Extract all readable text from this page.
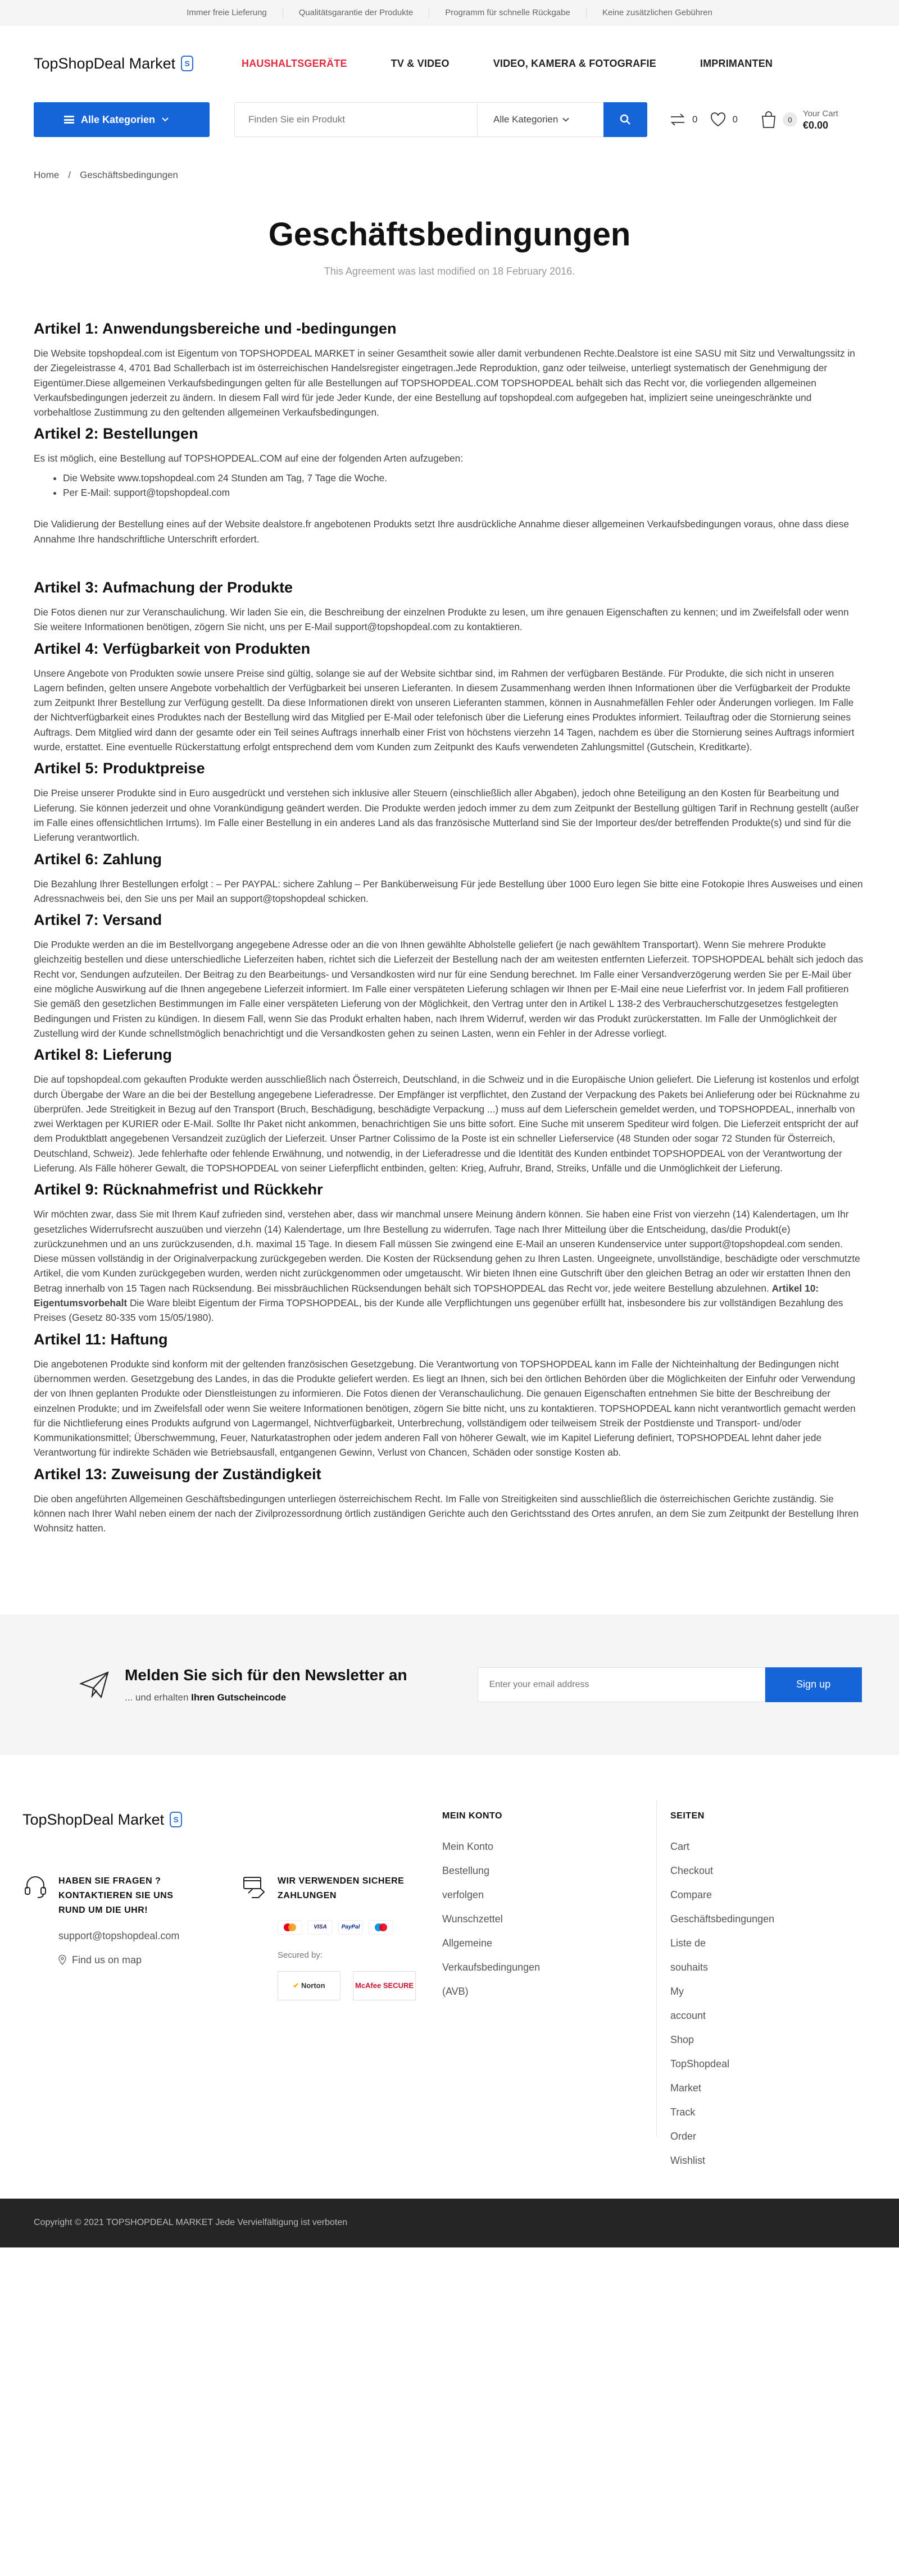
Immer freie Lieferung	Qualitätsgarantie der Produkte	Programm für schnelle Rückgabe	Keine zusätzlichen Gebühren
TopShopDeal Market	S	HAUSHALTSGERÄTE	TV & VIDEO	VIDEO, KAMERA & FOTOGRAFIE	IMPRIMANTEN
Alle Kategorien
Finden Sie ein Produkt	Alle Kategorien	0	0	0
Your Cart
€0.00
Home / Geschäftsbedingungen
Geschäftsbedingungen
This Agreement was last modified on 18 February 2016.
Artikel 1: Anwendungsbereiche und -bedingungen

Die Website topshopdeal.com ist Eigentum von TOPSHOPDEAL MARKET in seiner Gesamtheit sowie aller damit verbundenen Rechte.Dealstore ist eine SASU mit Sitz und Verwaltungssitz in der Ziegeleistrasse 4, 4701 Bad Schallerbach ist im österreichischen Handelsregister eingetragen.Jede Reproduktion, ganz oder teilweise, unterliegt systematisch der Genehmigung der Eigentümer.Diese allgemeinen Verkaufsbedingungen gelten für alle Bestellungen auf TOPSHOPDEAL.COM TOPSHOPDEAL behält sich das Recht vor, die vorliegenden allgemeinen Verkaufsbedingungen jederzeit zu ändern. In diesem Fall wird für jede Jeder Kunde, der eine Bestellung auf topshopdeal.com aufgegeben hat, impliziert seine uneingeschränkte und vorbehaltlose Zustimmung zu den geltenden allgemeinen Verkaufsbedingungen.

Artikel 2: Bestellungen

Es ist möglich, eine Bestellung auf TOPSHOPDEAL.COM auf eine der folgenden Arten aufzugeben:

• Die Website www.topshopdeal.com 24 Stunden am Tag, 7 Tage die Woche.
• Per E-Mail: support@topshopdeal.com

Die Validierung der Bestellung eines auf der Website dealstore.fr angebotenen Produkts setzt Ihre ausdrückliche Annahme dieser allgemeinen Verkaufsbedingungen voraus, ohne dass diese Annahme Ihre handschriftliche Unterschrift erfordert.

Artikel 3: Aufmachung der Produkte

Die Fotos dienen nur zur Veranschaulichung. Wir laden Sie ein, die Beschreibung der einzelnen Produkte zu lesen, um ihre genauen Eigenschaften zu kennen; und im Zweifelsfall oder wenn Sie weitere Informationen benötigen, zögern Sie nicht, uns per E-Mail support@topshopdeal.com zu kontaktieren.

Artikel 4: Verfügbarkeit von Produkten

Unsere Angebote von Produkten sowie unsere Preise sind gültig, solange sie auf der Website sichtbar sind, im Rahmen der verfügbaren Bestände. Für Produkte, die sich nicht in unseren Lagern befinden, gelten unsere Angebote vorbehaltlich der Verfügbarkeit bei unseren Lieferanten. In diesem Zusammenhang werden Ihnen Informationen über die Verfügbarkeit der Produkte zum Zeitpunkt Ihrer Bestellung zur Verfügung gestellt. Da diese Informationen direkt von unseren Lieferanten stammen, können in Ausnahmefällen Fehler oder Änderungen vorliegen. Im Falle der Nichtverfügbarkeit eines Produktes nach der Bestellung wird das Mitglied per E-Mail oder telefonisch über die Lieferung eines Produktes informiert. Teilauftrag oder die Stornierung seines Auftrags. Dem Mitglied wird dann der gesamte oder ein Teil seines Auftrags innerhalb einer Frist von höchstens vierzehn 14 Tagen, nachdem es über die Stornierung seines Auftrags informiert wurde, erstattet. Eine eventuelle Rückerstattung erfolgt entsprechend dem vom Kunden zum Zeitpunkt des Kaufs verwendeten Zahlungsmittel (Gutschein, Kreditkarte).

Artikel 5: Produktpreise

Die Preise unserer Produkte sind in Euro ausgedrückt und verstehen sich inklusive aller Steuern (einschließlich aller Abgaben), jedoch ohne Beteiligung an den Kosten für Bearbeitung und Lieferung. Sie können jederzeit und ohne Vorankündigung geändert werden. Die Produkte werden jedoch immer zu dem zum Zeitpunkt der Bestellung gültigen Tarif in Rechnung gestellt (außer im Falle eines offensichtlichen Irrtums). Im Falle einer Bestellung in ein anderes Land als das französische Mutterland sind Sie der Importeur des/der betreffenden Produkte(s) und sind für die Lieferung verantwortlich.

Artikel 6: Zahlung

Die Bezahlung Ihrer Bestellungen erfolgt : – Per PAYPAL: sichere Zahlung – Per Banküberweisung Für jede Bestellung über 1000 Euro legen Sie bitte eine Fotokopie Ihres Ausweises und einen Adressnachweis bei, den Sie uns per Mail an support@topshopdeal schicken.

Artikel 7: Versand

Die Produkte werden an die im Bestellvorgang angegebene Adresse oder an die von Ihnen gewählte Abholstelle geliefert (je nach gewähltem Transportart). Wenn Sie mehrere Produkte gleichzeitig bestellen und diese unterschiedliche Lieferzeiten haben, richtet sich die Lieferzeit der Bestellung nach der am weitesten entfernten Lieferzeit. TOPSHOPDEAL behält sich jedoch das Recht vor, Sendungen aufzuteilen. Der Beitrag zu den Bearbeitungs- und Versandkosten wird nur für eine Sendung berechnet. Im Falle einer Versandverzögerung werden Sie per E-Mail über eine mögliche Auswirkung auf die Ihnen angegebene Lieferzeit informiert. Im Falle einer verspäteten Lieferung schlagen wir Ihnen per E-Mail eine neue Lieferfrist vor. In jedem Fall profitieren Sie gemäß den gesetzlichen Bestimmungen im Falle einer verspäteten Lieferung von der Möglichkeit, den Vertrag unter den in Artikel L 138-2 des Verbraucherschutzgesetzes festgelegten Bedingungen und Fristen zu kündigen. In diesem Fall, wenn Sie das Produkt erhalten haben, nach Ihrem Widerruf, werden wir das Produkt zurückerstatten. Im Falle der Unmöglichkeit der Zustellung wird der Kunde schnellstmöglich benachrichtigt und die Versandkosten gehen zu seinen Lasten, wenn ein Fehler in der Adresse vorliegt.

Artikel 8: Lieferung

Die auf topshopdeal.com gekauften Produkte werden ausschließlich nach Österreich, Deutschland, in die Schweiz und in die Europäische Union geliefert. Die Lieferung ist kostenlos und erfolgt durch Übergabe der Ware an die bei der Bestellung angegebene Lieferadresse. Der Empfänger ist verpflichtet, den Zustand der Verpackung des Pakets bei Anlieferung oder bei Rücknahme zu überprüfen. Jede Streitigkeit in Bezug auf den Transport (Bruch, Beschädigung, beschädigte Verpackung ...) muss auf dem Lieferschein gemeldet werden, und TOPSHOPDEAL, innerhalb von zwei Werktagen per KURIER oder E-Mail. Sollte Ihr Paket nicht ankommen, benachrichtigen Sie uns bitte sofort. Eine Suche mit unserem Spediteur wird folgen. Die Lieferzeit entspricht der auf dem Produktblatt angegebenen Versandzeit zuzüglich der Lieferzeit. Unser Partner Colissimo de la Poste ist ein schneller Lieferservice (48 Stunden oder sogar 72 Stunden für Österreich, Deutschland, Schweiz). Jede fehlerhafte oder fehlende Erwähnung, und notwendig, in der Lieferadresse und die Identität des Kunden entbindet TOPSHOPDEAL von der Verantwortung der Lieferung. Als Fälle höherer Gewalt, die TOPSHOPDEAL von seiner Lieferpflicht entbinden, gelten: Krieg, Aufruhr, Brand, Streiks, Unfälle und die Unmöglichkeit der Lieferung.

Artikel 9: Rücknahmefrist und Rückkehr

Wir möchten zwar, dass Sie mit Ihrem Kauf zufrieden sind, verstehen aber, dass wir manchmal unsere Meinung ändern können. Sie haben eine Frist von vierzehn (14) Kalendertagen, um Ihr gesetzliches Widerrufsrecht auszuüben und vierzehn (14) Kalendertage, um Ihre Bestellung zu widerrufen. Tage nach Ihrer Mitteilung über die Entscheidung, das/die Produkt(e) zurückzunehmen und an uns zurückzusenden, d.h. maximal 15 Tage. In diesem Fall müssen Sie zwingend eine E-Mail an unseren Kundenservice unter support@topshopdeal.com senden. Diese müssen vollständig in der Originalverpackung zurückgegeben werden. Die Kosten der Rücksendung gehen zu Ihren Lasten. Ungeeignete, unvollständige, beschädigte oder verschmutzte Artikel, die vom Kunden zurückgegeben wurden, werden nicht zurückgenommen oder umgetauscht. Wir bieten Ihnen eine Gutschrift über den gleichen Betrag an oder wir erstatten Ihnen den Betrag innerhalb von 15 Tagen nach Rücksendung. Bei missbräuchlichen Rücksendungen behält sich TOPSHOPDEAL das Recht vor, jede weitere Bestellung abzulehnen. Artikel 10: Eigentumsvorbehalt Die Ware bleibt Eigentum der Firma TOPSHOPDEAL, bis der Kunde alle Verpflichtungen uns gegenüber erfüllt hat, insbesondere bis zur vollständigen Bezahlung des Preises (Gesetz 80-335 vom 15/05/1980).

Artikel 11: Haftung

Die angebotenen Produkte sind konform mit der geltenden französischen Gesetzgebung. Die Verantwortung von TOPSHOPDEAL kann im Falle der Nichteinhaltung der Bedingungen nicht übernommen werden. Gesetzgebung des Landes, in das die Produkte geliefert werden. Es liegt an Ihnen, sich bei den örtlichen Behörden über die Möglichkeiten der Einfuhr oder Verwendung der von Ihnen geplanten Produkte oder Dienstleistungen zu informieren. Die Fotos dienen der Veranschaulichung. Die genauen Eigenschaften entnehmen Sie bitte der Beschreibung der einzelnen Produkte; und im Zweifelsfall oder wenn Sie weitere Informationen benötigen, zögern Sie bitte nicht, uns zu kontaktieren. TOPSHOPDEAL kann nicht verantwortlich gemacht werden für die Nichtlieferung eines Produkts aufgrund von Lagermangel, Nichtverfügbarkeit, Unterbrechung, vollständigem oder teilweisem Streik der Postdienste und Transport- und/oder Kommunikationsmittel; Überschwemmung, Feuer, Naturkatastrophen oder jedem anderen Fall von höherer Gewalt, wie im Kapitel Lieferung definiert, TOPSHOPDEAL lehnt daher jede Verantwortung für indirekte Schäden wie Betriebsausfall, entgangenen Gewinn, Verlust von Chancen, Schäden oder sonstige Kosten ab.

Artikel 13: Zuweisung der Zuständigkeit

Die oben angeführten Allgemeinen Geschäftsbedingungen unterliegen österreichischem Recht. Im Falle von Streitigkeiten sind ausschließlich die österreichischen Gerichte zuständig. Sie können nach Ihrer Wahl neben einem der nach der Zivilprozessordnung örtlich zuständigen Gerichte auch den Gerichtsstand des Ortes anrufen, an dem Sie zum Zeitpunkt der Bestellung Ihren Wohnsitz hatten.

Melden Sie sich für den Newsletter an

... und erhalten Ihren Gutscheincode

Enter your email address
Sign up
TopShopDeal Market	S
HABEN SIE FRAGEN ?
KONTAKTIEREN SIE UNS
RUND UM DIE UHR!
support@topshopdeal.com
Find us on map
WIR VERWENDEN SICHERE
ZAHLUNGEN
VISA	PayPal
Secured by:
✔
Norton	McAfee SECURE
MEIN KONTO
Mein Konto
Bestellung
verfolgen
Wunschzettel
Allgemeine
Verkaufsbedingungen
(AVB)
SEITEN
Cart
Checkout
Compare
Geschäftsbedingungen
Liste de
souhaits
My
account
Shop
TopShopdeal
Market
Track
Order
Wishlist
Copyright © 2021 TOPSHOPDEAL MARKET Jede Vervielfältigung ist verboten
